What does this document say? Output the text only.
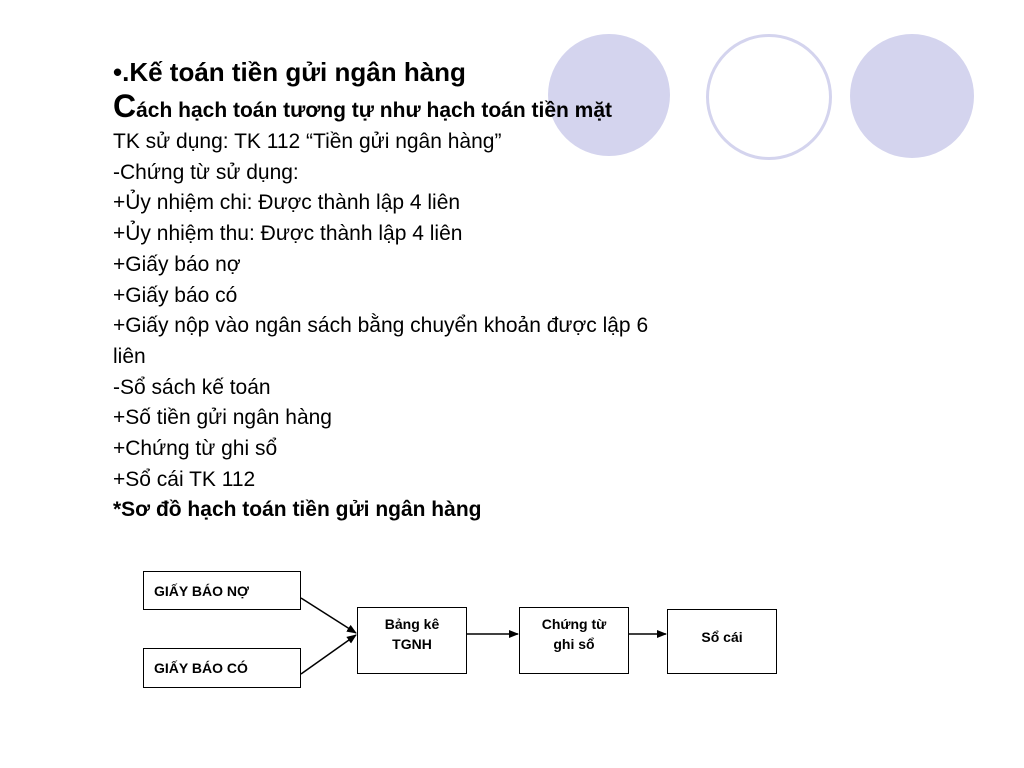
•.Kế toán tiền gửi ngân hàng

Cách hạch toán tương tự như hạch toán tiền mặt

TK sử dụng: TK 112 “Tiền gửi ngân hàng”

-Chứng từ sử dụng:

+Ủy nhiệm chi: Được thành lập 4 liên

+Ủy nhiệm thu: Được thành lập 4 liên

+Giấy báo nợ

+Giấy báo có

+Giấy nộp vào ngân sách bằng chuyển khoản được lập 6

liên

-Sổ sách kế toán

+Số tiền gửi ngân hàng

+Chứng từ ghi sổ

+Sổ cái TK 112

*Sơ đồ hạch toán tiền gửi ngân hàng

GIẤY BÁO NỢ
GIẤY BÁO CÓ
Bảng kê
TGNH
Chứng từ
ghi sổ	Sổ cái
